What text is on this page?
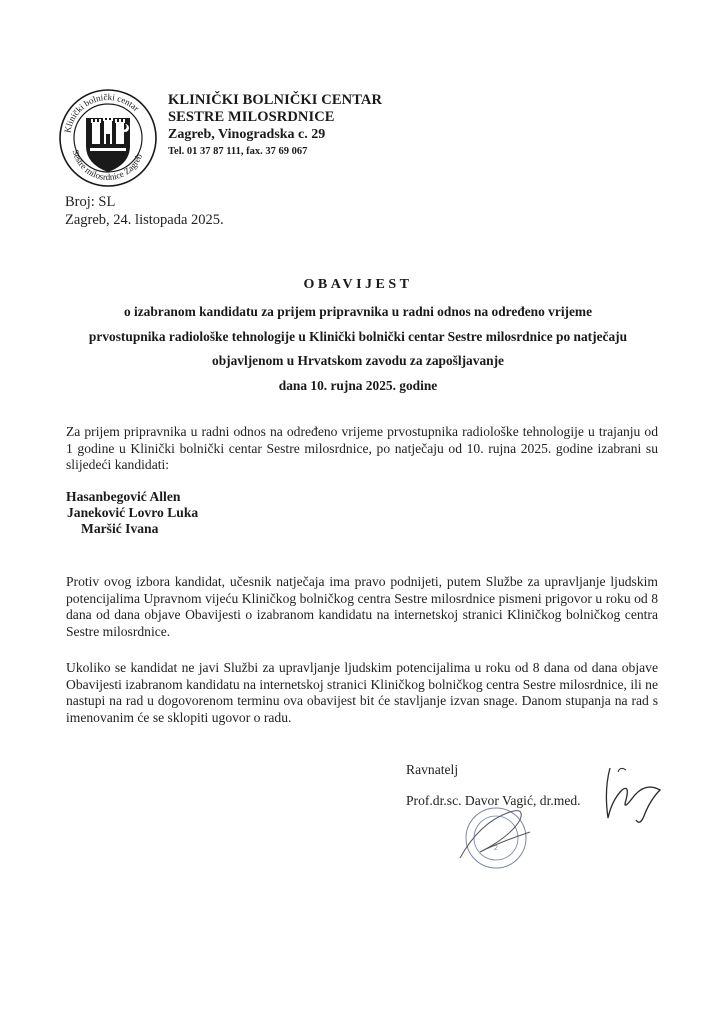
Klinički bolnički centar
Sestre milosrdnice Zagreb
KLINIČKI BOLNIČKI CENTAR
SESTRE MILOSRDNICE
Zagreb, Vinogradska c. 29
Tel. 01 37 87 111, fax. 37 69 067
Broj: SL
Zagreb, 24. listopada 2025.
OBAVIJEST
o izabranom kandidatu za prijem pripravnika u radni odnos na određeno vrijeme
prvostupnika radiološke tehnologije u Klinički bolnički centar Sestre milosrdnice po natječaju
objavljenom u Hrvatskom zavodu za zapošljavanje
dana 10. rujna 2025. godine
Za prijem pripravnika u radni odnos na određeno vrijeme prvostupnika radiološke tehnologije u trajanju od 1 godine u Klinički bolnički centar Sestre milosrdnice, po natječaju od 10. rujna 2025. godine izabrani su slijedeći kandidati:
Hasanbegović Allen
Janeković Lovro Luka
Maršić Ivana
Protiv ovog izbora kandidat, učesnik natječaja ima pravo podnijeti, putem Službe za upravljanje ljudskim potencijalima Upravnom vijeću Kliničkog bolničkog centra Sestre milosrdnice pismeni prigovor u roku od 8 dana od dana objave Obavijesti o izabranom kandidatu na internetskoj stranici Kliničkog bolničkog centra Sestre milosrdnice.
Ukoliko se kandidat ne javi Službi za upravljanje ljudskim potencijalima u roku od 8 dana od dana objave Obavijesti izabranom kandidatu na internetskoj stranici Kliničkog bolničkog centra Sestre milosrdnice, ili ne nastupi na rad u dogovorenom terminu ova obavijest bit će stavljanje izvan snage. Danom stupanja na rad s imenovanim će se sklopiti ugovor o radu.
Ravnatelj
2
Prof.dr.sc. Davor Vagić, dr.med.
